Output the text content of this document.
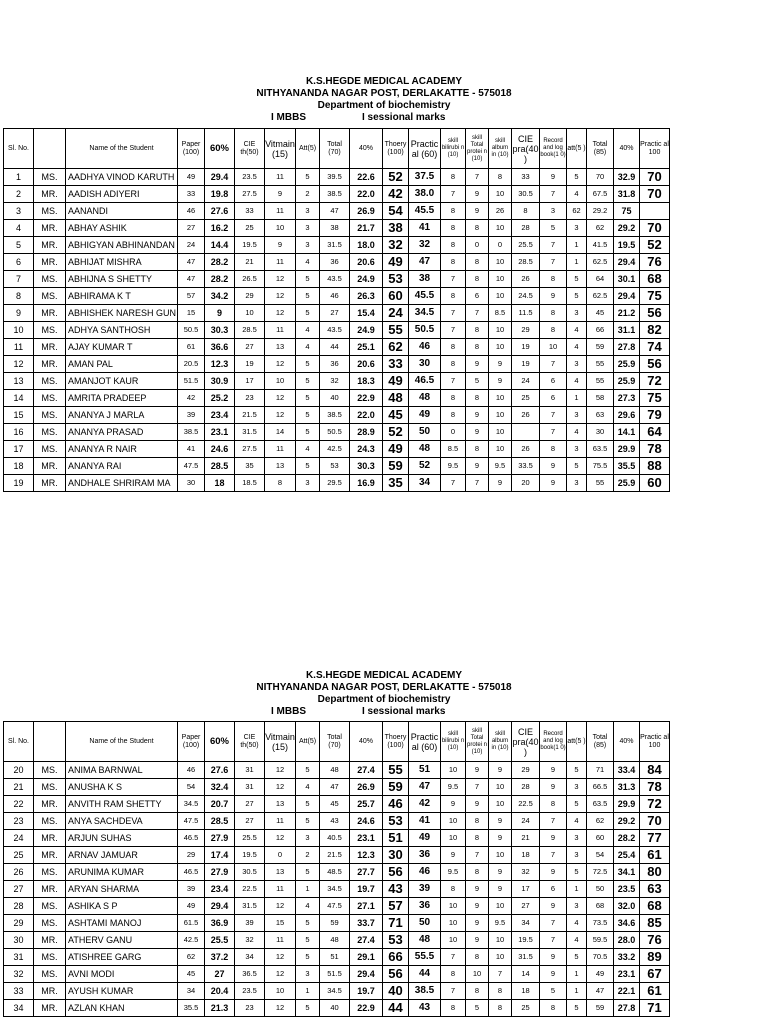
K.S.HEGDE MEDICAL ACADEMY
NITHYANANDA NAGAR POST, DERLAKATTE - 575018
Department of biochemistry
I MBBS	I sessional marks
Sl. No.		Name of the Student	Paper (100)	60%	CIE th(50)	Vitmain (15)	Att(5)	Total (70)	40%	Thoery (100)	Practic al (60)	skill bilirubi n (10)	skill Total protei n (10)	skill album in (10)	CIE pra(40 )	Record and log book(1 0)	att(5 )	Total (85)	40%	Practic al 100
1	MS.	AADHYA VINOD KARUTH	49	29.4	23.5	11	5	39.5	22.6	52	37.5	8	7	8	33	9	5	70	32.9	70
2	MR.	AADISH ADIYERI	33	19.8	27.5	9	2	38.5	22.0	42	38.0	7	9	10	30.5	7	4	67.5	31.8	70
3	MS.	AANANDI	46	27.6	33	11	3	47	26.9	54	45.5	8	9	26	8	3	62	29.2	75	
4	MR.	ABHAY ASHIK	27	16.2	25	10	3	38	21.7	38	41	8	8	10	28	5	3	62	29.2	70
5	MR.	ABHIGYAN ABHINANDAN	24	14.4	19.5	9	3	31.5	18.0	32	32	8	0	0	25.5	7	1	41.5	19.5	52
6	MR.	ABHIJAT MISHRA	47	28.2	21	11	4	36	20.6	49	47	8	8	10	28.5	7	1	62.5	29.4	76
7	MS.	ABHIJNA S SHETTY	47	28.2	26.5	12	5	43.5	24.9	53	38	7	8	10	26	8	5	64	30.1	68
8	MS.	ABHIRAMA K T	57	34.2	29	12	5	46	26.3	60	45.5	8	6	10	24.5	9	5	62.5	29.4	75
9	MR.	ABHISHEK NARESH GUN	15	9	10	12	5	27	15.4	24	34.5	7	7	8.5	11.5	8	3	45	21.2	56
10	MS.	ADHYA SANTHOSH	50.5	30.3	28.5	11	4	43.5	24.9	55	50.5	7	8	10	29	8	4	66	31.1	82
11	MR.	AJAY KUMAR T	61	36.6	27	13	4	44	25.1	62	46	8	8	10	19	10	4	59	27.8	74
12	MR.	AMAN PAL	20.5	12.3	19	12	5	36	20.6	33	30	8	9	9	19	7	3	55	25.9	56
13	MS.	AMANJOT KAUR	51.5	30.9	17	10	5	32	18.3	49	46.5	7	5	9	24	6	4	55	25.9	72
14	MS.	AMRITA PRADEEP	42	25.2	23	12	5	40	22.9	48	48	8	8	10	25	6	1	58	27.3	75
15	MS.	ANANYA J MARLA	39	23.4	21.5	12	5	38.5	22.0	45	49	8	9	10	26	7	3	63	29.6	79
16	MS.	ANANYA PRASAD	38.5	23.1	31.5	14	5	50.5	28.9	52	50	0	9	10		7	4	30	14.1	64
17	MS.	ANANYA R NAIR	41	24.6	27.5	11	4	42.5	24.3	49	48	8.5	8	10	26	8	3	63.5	29.9	78
18	MR.	ANANYA RAI	47.5	28.5	35	13	5	53	30.3	59	52	9.5	9	9.5	33.5	9	5	75.5	35.5	88
19	MR.	ANDHALE SHRIRAM MA	30	18	18.5	8	3	29.5	16.9	35	34	7	7	9	20	9	3	55	25.9	60
K.S.HEGDE MEDICAL ACADEMY
NITHYANANDA NAGAR POST, DERLAKATTE - 575018
Department of biochemistry
I MBBS	I sessional marks
Sl. No.		Name of the Student	Paper (100)	60%	CIE th(50)	Vitmain (15)	Att(5)	Total (70)	40%	Thoery (100)	Practic al (60)	skill bilirubi n (10)	skill Total protei n (10)	skill album in (10)	CIE pra(40 )	Record and log book(1 0)	att(5 )	Total (85)	40%	Practic al 100
20	MS.	ANIMA BARNWAL	46	27.6	31	12	5	48	27.4	55	51	10	9	9	29	9	5	71	33.4	84
21	MS.	ANUSHA K S	54	32.4	31	12	4	47	26.9	59	47	9.5	7	10	28	9	3	66.5	31.3	78
22	MR.	ANVITH RAM SHETTY	34.5	20.7	27	13	5	45	25.7	46	42	9	9	10	22.5	8	5	63.5	29.9	72
23	MS.	ANYA SACHDEVA	47.5	28.5	27	11	5	43	24.6	53	41	10	8	9	24	7	4	62	29.2	70
24	MR.	ARJUN SUHAS	46.5	27.9	25.5	12	3	40.5	23.1	51	49	10	8	9	21	9	3	60	28.2	77
25	MR.	ARNAV JAMUAR	29	17.4	19.5	0	2	21.5	12.3	30	36	9	7	10	18	7	3	54	25.4	61
26	MS.	ARUNIMA KUMAR	46.5	27.9	30.5	13	5	48.5	27.7	56	46	9.5	8	9	32	9	5	72.5	34.1	80
27	MR.	ARYAN SHARMA	39	23.4	22.5	11	1	34.5	19.7	43	39	8	9	9	17	6	1	50	23.5	63
28	MS.	ASHIKA S P	49	29.4	31.5	12	4	47.5	27.1	57	36	10	9	10	27	9	3	68	32.0	68
29	MS.	ASHTAMI MANOJ	61.5	36.9	39	15	5	59	33.7	71	50	10	9	9.5	34	7	4	73.5	34.6	85
30	MR.	ATHERV GANU	42.5	25.5	32	11	5	48	27.4	53	48	10	9	10	19.5	7	4	59.5	28.0	76
31	MS.	ATISHREE GARG	62	37.2	34	12	5	51	29.1	66	55.5	7	8	10	31.5	9	5	70.5	33.2	89
32	MS.	AVNI MODI	45	27	36.5	12	3	51.5	29.4	56	44	8	10	7	14	9	1	49	23.1	67
33	MR.	AYUSH KUMAR	34	20.4	23.5	10	1	34.5	19.7	40	38.5	7	8	8	18	5	1	47	22.1	61
34	MR.	AZLAN KHAN	35.5	21.3	23	12	5	40	22.9	44	43	8	5	8	25	8	5	59	27.8	71
